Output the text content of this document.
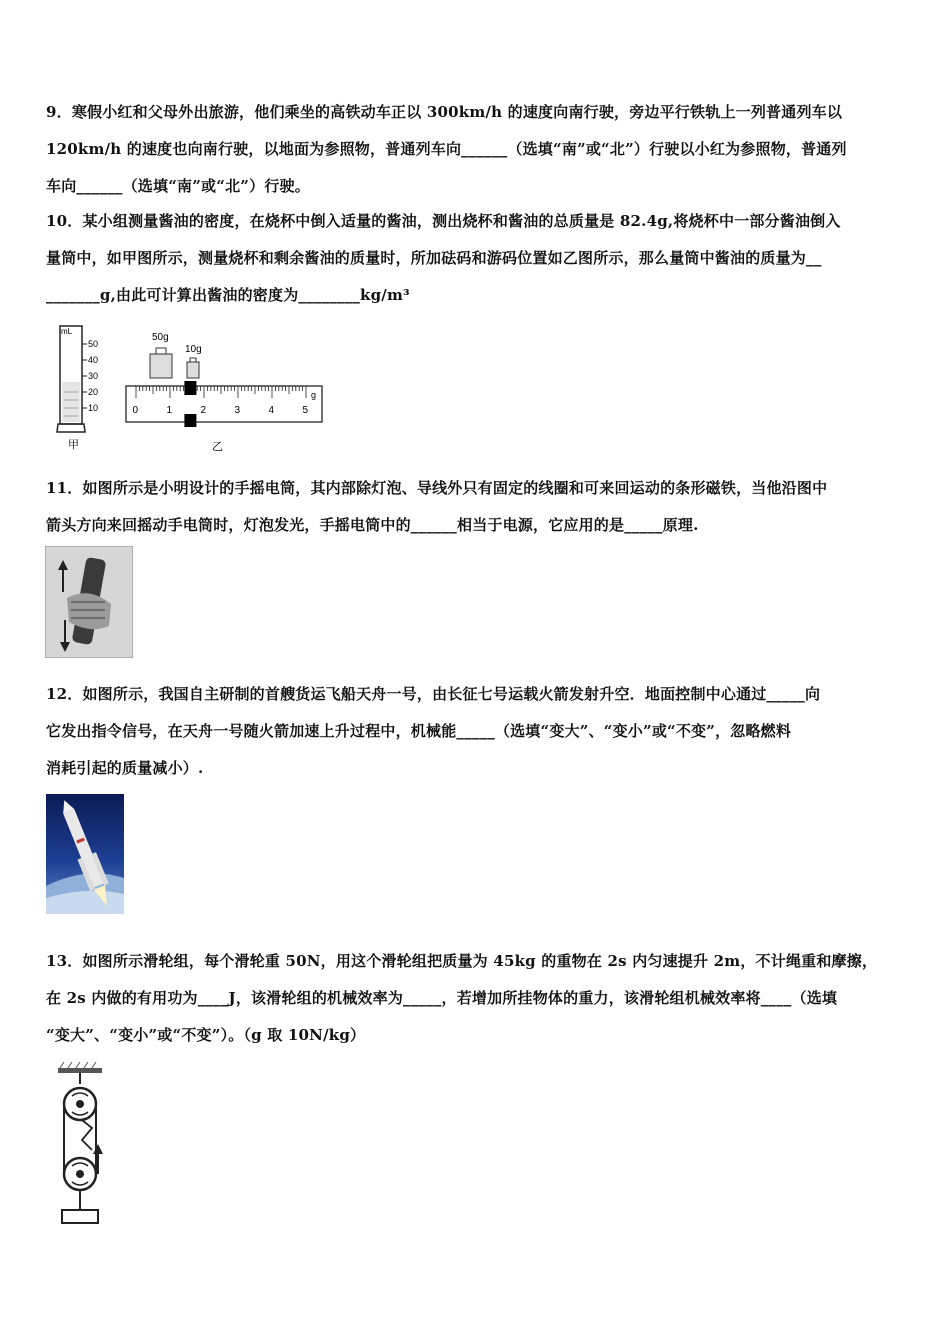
9．寒假小红和父母外出旅游，他们乘坐的高铁动车正以 300km/h 的速度向南行驶，旁边平行铁轨上一列普通列车以
120km/h 的速度也向南行驶，以地面为参照物，普通列车向______（选填“南”或“北”）行驶以小红为参照物，普通列
车向______（选填“南”或“北”）行驶。
10．某小组测量酱油的密度，在烧杯中倒入适量的酱油，测出烧杯和酱油的总质量是 82.4g,将烧杯中一部分酱油倒入
量筒中，如甲图所示，测量烧杯和剩余酱油的质量时，所加砝码和游码位置如乙图所示，那么量筒中酱油的质量为__
_______g,由此可计算出酱油的密度为________kg/m³
mL
50
40
30
20
10
甲
50g
10g
0	1	2	3	4	5
g
乙
11．如图所示是小明设计的手摇电筒，其内部除灯泡、导线外只有固定的线圈和可来回运动的条形磁铁，当他沿图中
箭头方向来回摇动手电筒时，灯泡发光，手摇电筒中的______相当于电源，它应用的是_____原理.
12．如图所示，我国自主研制的首艘货运飞船天舟一号，由长征七号运载火箭发射升空．地面控制中心通过_____向
它发出指令信号，在天舟一号随火箭加速上升过程中，机械能_____（选填“变大”、“变小”或“不变”，忽略燃料
消耗引起的质量减小）.
13．如图所示滑轮组，每个滑轮重 50N，用这个滑轮组把质量为 45kg 的重物在 2s 内匀速提升 2m，不计绳重和摩擦，
在 2s 内做的有用功为____J，该滑轮组的机械效率为_____，若增加所挂物体的重力，该滑轮组机械效率将____（选填
“变大”、“变小”或“不变”）。（g 取 10N/kg）
